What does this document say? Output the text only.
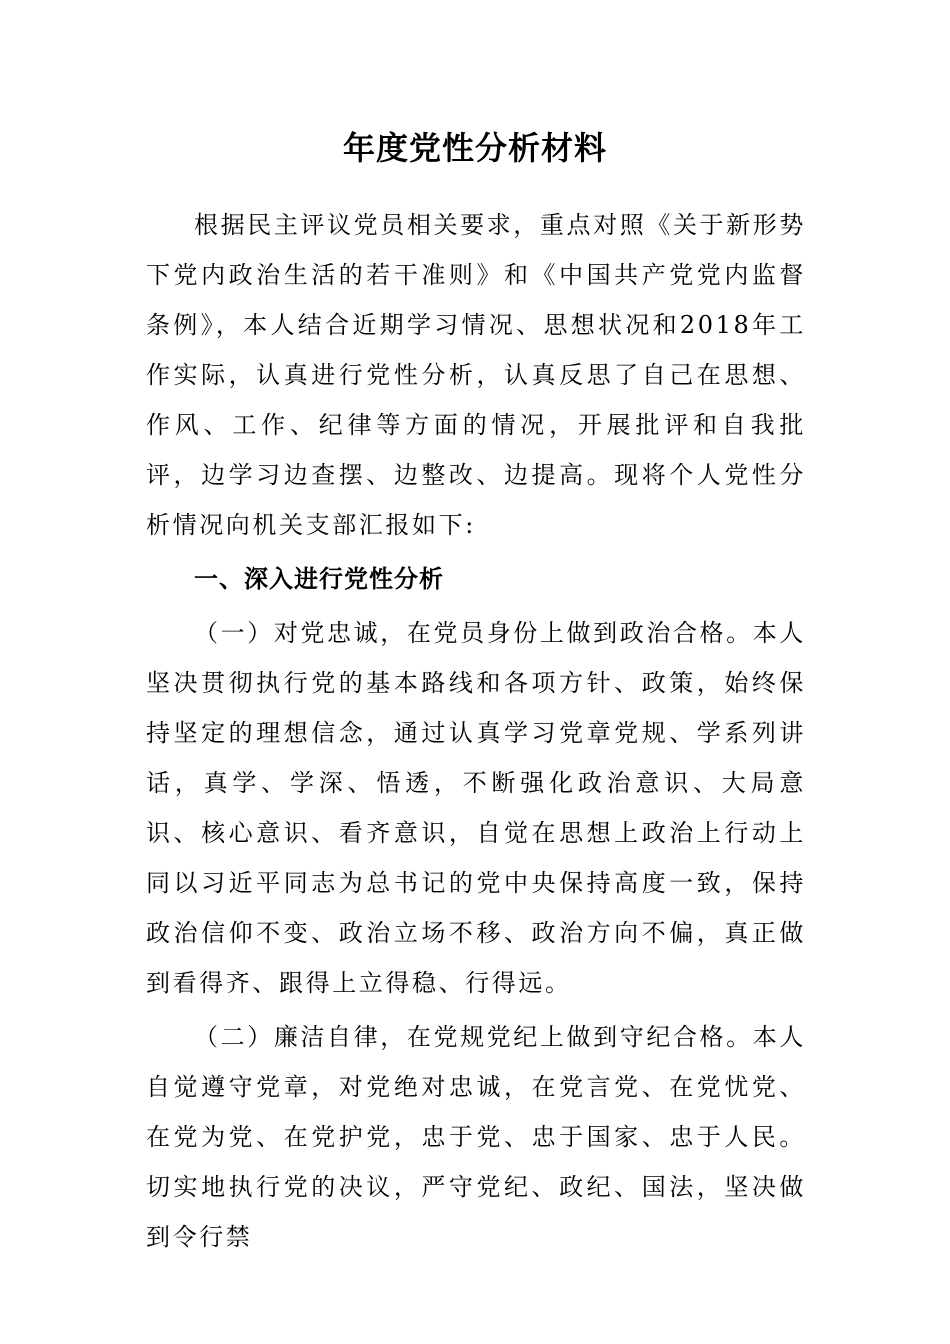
年度党性分析材料

根据民主评议党员相关要求，重点对照《关于新形势下党内政治生活的若干准则》和《中国共产党党内监督条例》，本人结合近期学习情况、思想状况和2018年工作实际，认真进行党性分析，认真反思了自己在思想、作风、工作、纪律等方面的情况，开展批评和自我批评，边学习边查摆、边整改、边提高。现将个人党性分析情况向机关支部汇报如下:

一、深入进行党性分析

（一）对党忠诚，在党员身份上做到政治合格。本人坚决贯彻执行党的基本路线和各项方针、政策，始终保持坚定的理想信念，通过认真学习党章党规、学系列讲话，真学、学深、悟透，不断强化政治意识、大局意识、核心意识、看齐意识，自觉在思想上政治上行动上同以习近平同志为总书记的党中央保持高度一致，保持政治信仰不变、政治立场不移、政治方向不偏，真正做到看得齐、跟得上立得稳、行得远。

（二）廉洁自律，在党规党纪上做到守纪合格。本人自觉遵守党章，对党绝对忠诚，在党言党、在党忧党、在党为党、在党护党，忠于党、忠于国家、忠于人民。切实地执行党的决议，严守党纪、政纪、国法，坚决做到令行禁
